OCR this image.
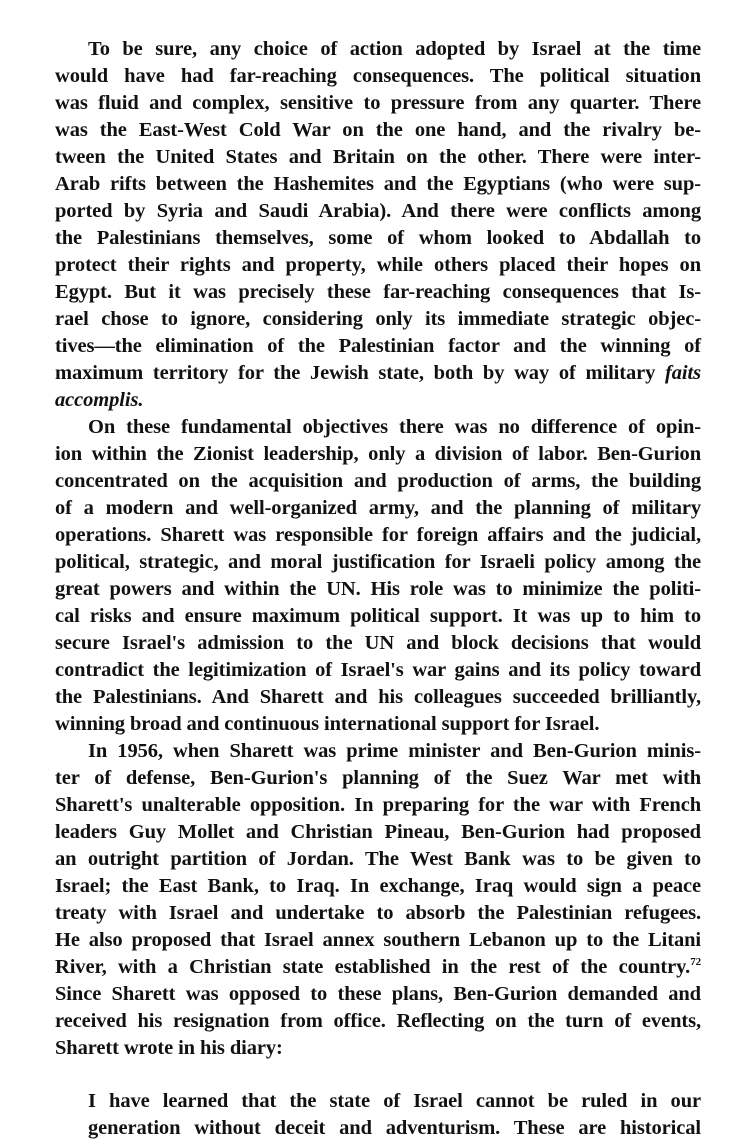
To be sure, any choice of action adopted by Israel at the time
would have had far-reaching consequences. The political situation
was fluid and complex, sensitive to pressure from any quarter. There
was the East-West Cold War on the one hand, and the rivalry be-
tween the United States and Britain on the other. There were inter-
Arab rifts between the Hashemites and the Egyptians (who were sup-
ported by Syria and Saudi Arabia). And there were conflicts among
the Palestinians themselves, some of whom looked to Abdallah to
protect their rights and property, while others placed their hopes on
Egypt. But it was precisely these far-reaching consequences that Is-
rael chose to ignore, considering only its immediate strategic objec-
tives—the elimination of the Palestinian factor and the winning of
maximum territory for the Jewish state, both by way of military faits
accomplis.
On these fundamental objectives there was no difference of opin-
ion within the Zionist leadership, only a division of labor. Ben-Gurion
concentrated on the acquisition and production of arms, the building
of a modern and well-organized army, and the planning of military
operations. Sharett was responsible for foreign affairs and the judicial,
political, strategic, and moral justification for Israeli policy among the
great powers and within the UN. His role was to minimize the politi-
cal risks and ensure maximum political support. It was up to him to
secure Israel's admission to the UN and block decisions that would
contradict the legitimization of Israel's war gains and its policy toward
the Palestinians. And Sharett and his colleagues succeeded brilliantly,
winning broad and continuous international support for Israel.
In 1956, when Sharett was prime minister and Ben-Gurion minis-
ter of defense, Ben-Gurion's planning of the Suez War met with
Sharett's unalterable opposition. In preparing for the war with French
leaders Guy Mollet and Christian Pineau, Ben-Gurion had proposed
an outright partition of Jordan. The West Bank was to be given to
Israel; the East Bank, to Iraq. In exchange, Iraq would sign a peace
treaty with Israel and undertake to absorb the Palestinian refugees.
He also proposed that Israel annex southern Lebanon up to the Litani
River, with a Christian state established in the rest of the country.$^{72}$
Since Sharett was opposed to these plans, Ben-Gurion demanded and
received his resignation from office. Reflecting on the turn of events,
Sharett wrote in his diary:
I have learned that the state of Israel cannot be ruled in our
generation without deceit and adventurism. These are historical
